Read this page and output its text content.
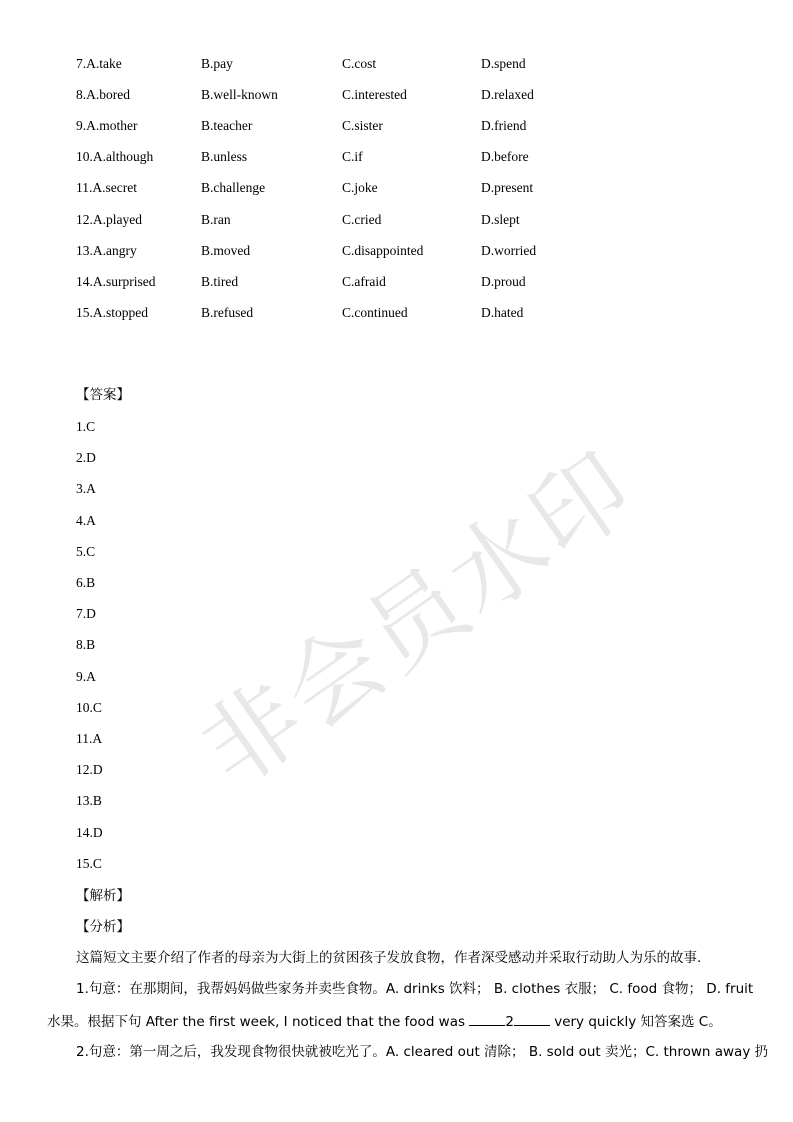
非会员水印
7.A.take	B.pay	C.cost	D.spend
8.A.bored	B.well-known	C.interested	D.relaxed
9.A.mother	B.teacher	C.sister	D.friend
10.A.although	B.unless	C.if	D.before
11.A.secret	B.challenge	C.joke	D.present
12.A.played	B.ran	C.cried	D.slept
13.A.angry	B.moved	C.disappointed	D.worried
14.A.surprised	B.tired	C.afraid	D.proud
15.A.stopped	B.refused	C.continued	D.hated
【答案】
1.C
2.D
3.A
4.A
5.C
6.B
7.D
8.B
9.A
10.C
11.A
12.D
13.B
14.D
15.C
【解析】
【分析】
这篇短文主要介绍了作者的母亲为大街上的贫困孩子发放食物，作者深受感动并采取行动助人为乐的故事.
1.句意：在那期间，我帮妈妈做些家务并卖些食物。A. drinks 饮料； B. clothes 衣服； C. food 食物； D. fruit
水果。根据下句 After the first week, I noticed that the food was	2	very quickly 知答案选 C。
2.句意：第一周之后，我发现食物很快就被吃光了。A. cleared out 清除； B. sold out 卖光；C. thrown away 扔
